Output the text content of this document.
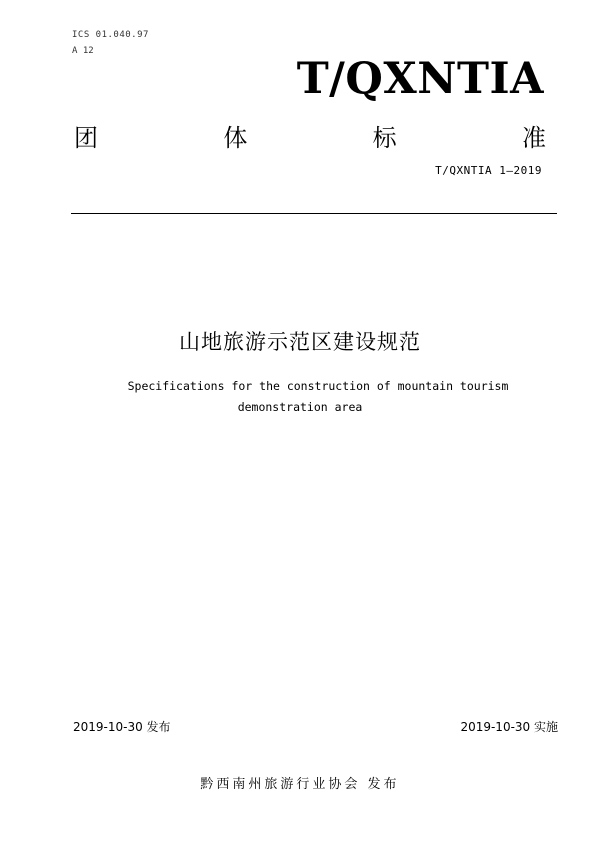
ICS 01.040.97
A 12
T/QXNTIA
团	体	标	准
T/QXNTIA 1—2019
山地旅游示范区建设规范
Specifications for the construction of mountain tourism
demonstration area
2019-10-30 发布	2019-10-30 实施
黔西南州旅游行业协会 发布
